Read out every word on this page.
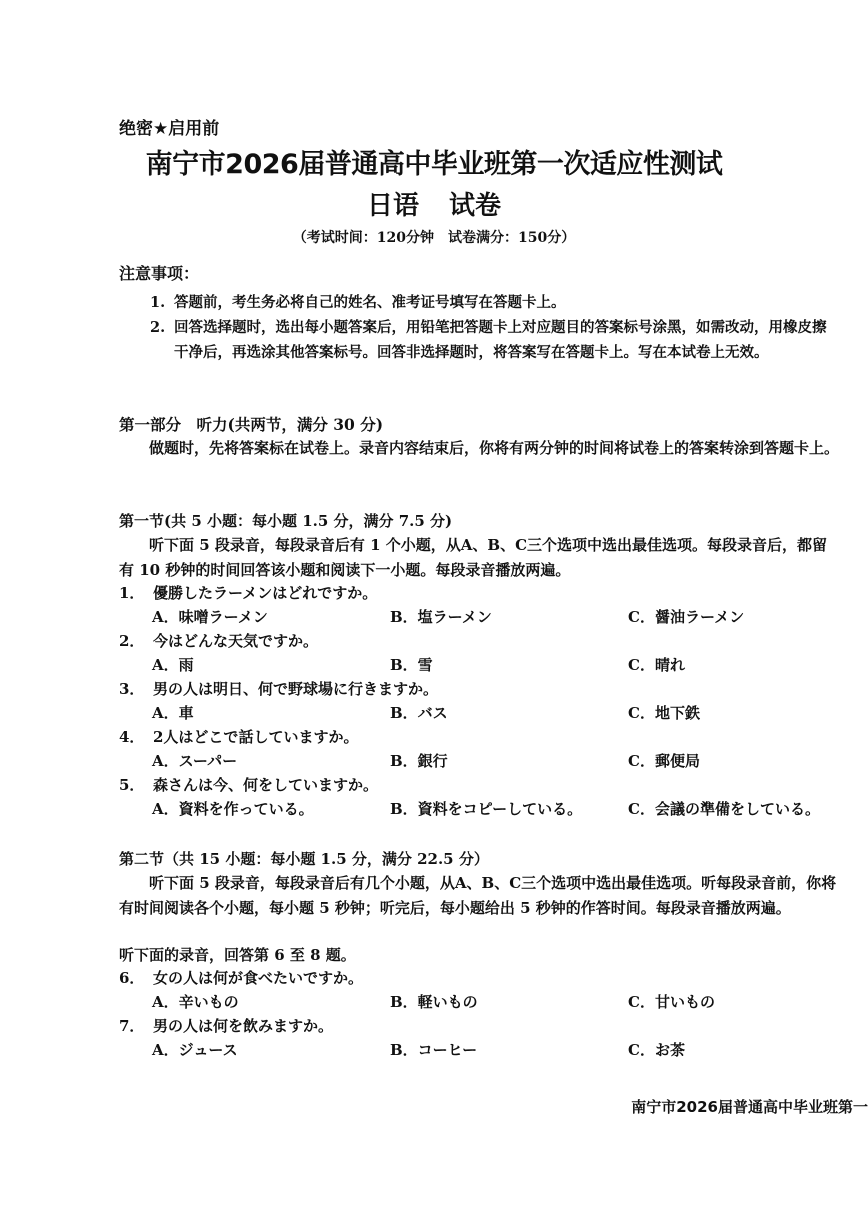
绝密★启用前
南宁市2026届普通高中毕业班第一次适应性测试
日语 试卷
（考试时间：120分钟　试卷满分：150分）
注意事项：
1. 答题前，考生务必将自己的姓名、准考证号填写在答题卡上。
2. 回答选择题时，选出每小题答案后，用铅笔把答题卡上对应题目的答案标号涂黑，如需改动，用橡皮擦干净后，再选涂其他答案标号。回答非选择题时，将答案写在答题卡上。写在本试卷上无效。
第一部分　听力(共两节，满分 30 分)
做题时，先将答案标在试卷上。录音内容结束后，你将有两分钟的时间将试卷上的答案转涂到答题卡上。
第一节(共 5 小题：每小题 1.5 分，满分 7.5 分)
听下面 5 段录音，每段录音后有 1 个小题，从A、B、C三个选项中选出最佳选项。每段录音后，都留有 10 秒钟的时间回答该小题和阅读下一小题。每段录音播放两遍。
1． 優勝したラーメンはどれですか。
A．味噌ラーメン	B．塩ラーメン	C．醤油ラーメン
2． 今はどんな天気ですか。
A．雨	B．雪	C．晴れ
3． 男の人は明日、何で野球場に行きますか。
A．車	B．バス	C．地下鉄
4． 2人はどこで話していますか。
A．スーパー	B．銀行	C．郵便局
5． 森さんは今、何をしていますか。
A．資料を作っている。	B．資料をコピーしている。	C．会議の準備をしている。
第二节（共 15 小题：每小题 1.5 分，满分 22.5 分）
听下面 5 段录音，每段录音后有几个小题，从A、B、C三个选项中选出最佳选项。听每段录音前，你将有时间阅读各个小题，每小题 5 秒钟；听完后，每小题给出 5 秒钟的作答时间。每段录音播放两遍。
听下面的录音，回答第 6 至 8 题。
6． 女の人は何が食べたいですか。
A．辛いもの	B．軽いもの	C．甘いもの
7． 男の人は何を飲みますか。
A．ジュース	B．コーヒー	C．お茶
南宁市2026届普通高中毕业班第一
